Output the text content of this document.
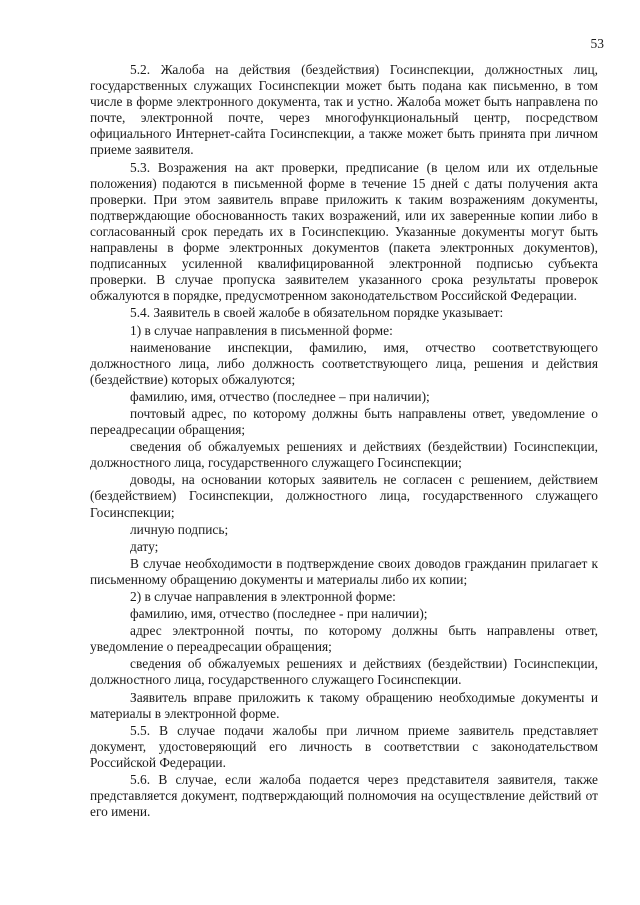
53

5.2. Жалоба на действия (бездействия) Госинспекции, должностных лиц, государственных служащих Госинспекции может быть подана как письменно, в том числе в форме электронного документа, так и устно. Жалоба может быть направлена по почте, электронной почте, через многофункциональный центр, посредством официального Интернет-сайта Госинспекции, а также может быть принята при личном приеме заявителя.

5.3. Возражения на акт проверки, предписание (в целом или их отдельные положения) подаются в письменной форме в течение 15 дней с даты получения акта проверки. При этом заявитель вправе приложить к таким возражениям документы, подтверждающие обоснованность таких возражений, или их заверенные копии либо в согласованный срок передать их в Госинспекцию. Указанные документы могут быть направлены в форме электронных документов (пакета электронных документов), подписанных усиленной квалифицированной электронной подписью субъекта проверки. В случае пропуска заявителем указанного срока результаты проверок обжалуются в порядке, предусмотренном законодательством Российской Федерации.

5.4. Заявитель в своей жалобе в обязательном порядке указывает:

1) в случае направления в письменной форме:

наименование инспекции, фамилию, имя, отчество соответствующего должностного лица, либо должность соответствующего лица, решения и действия (бездействие) которых обжалуются;

фамилию, имя, отчество (последнее – при наличии);

почтовый адрес, по которому должны быть направлены ответ, уведомление о переадресации обращения;

сведения об обжалуемых решениях и действиях (бездействии) Госинспекции, должностного лица, государственного служащего Госинспекции;

доводы, на основании которых заявитель не согласен с решением, действием (бездействием) Госинспекции, должностного лица, государственного служащего Госинспекции;

личную подпись;

дату;

В случае необходимости в подтверждение своих доводов гражданин прилагает к письменному обращению документы и материалы либо их копии;

2) в случае направления в электронной форме:

фамилию, имя, отчество (последнее - при наличии);

адрес электронной почты, по которому должны быть направлены ответ, уведомление о переадресации обращения;

сведения об обжалуемых решениях и действиях (бездействии) Госинспекции, должностного лица, государственного служащего Госинспекции.

Заявитель вправе приложить к такому обращению необходимые документы и материалы в электронной форме.

5.5. В случае подачи жалобы при личном приеме заявитель представляет документ, удостоверяющий его личность в соответствии с законодательством Российской Федерации.

5.6. В случае, если жалоба подается через представителя заявителя, также представляется документ, подтверждающий полномочия на осуществление действий от его имени.
